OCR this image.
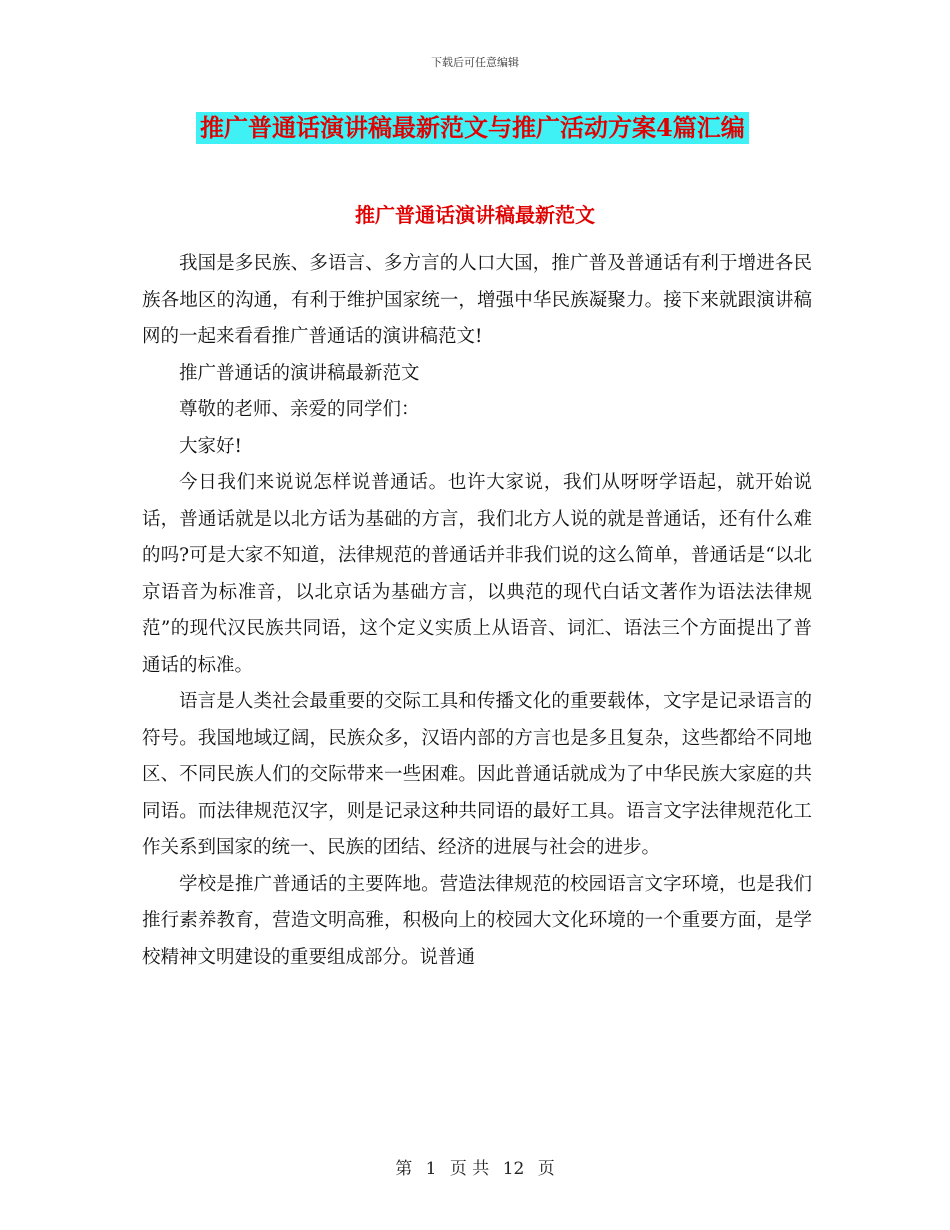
下载后可任意编辑
推广普通话演讲稿最新范文与推广活动方案4篇汇编
推广普通话演讲稿最新范文

我国是多民族、多语言、多方言的人口大国，推广普及普通话有利于增进各民族各地区的沟通，有利于维护国家统一，增强中华民族凝聚力。接下来就跟演讲稿网的一起来看看推广普通话的演讲稿范文!

推广普通话的演讲稿最新范文

尊敬的老师、亲爱的同学们：

大家好!

今日我们来说说怎样说普通话。也许大家说，我们从呀呀学语起，就开始说话，普通话就是以北方话为基础的方言，我们北方人说的就是普通话，还有什么难的吗?可是大家不知道，法律规范的普通话并非我们说的这么简单，普通话是“以北京语音为标准音，以北京话为基础方言，以典范的现代白话文著作为语法法律规范”的现代汉民族共同语，这个定义实质上从语音、词汇、语法三个方面提出了普通话的标准。

语言是人类社会最重要的交际工具和传播文化的重要载体，文字是记录语言的符号。我国地域辽阔，民族众多，汉语内部的方言也是多且复杂，这些都给不同地区、不同民族人们的交际带来一些困难。因此普通话就成为了中华民族大家庭的共同语。而法律规范汉字，则是记录这种共同语的最好工具。语言文字法律规范化工作关系到国家的统一、民族的团结、经济的进展与社会的进步。

学校是推广普通话的主要阵地。营造法律规范的校园语言文字环境，也是我们推行素养教育，营造文明高雅，积极向上的校园大文化环境的一个重要方面，是学校精神文明建设的重要组成部分。说普通

第 1 页 共 12 页
